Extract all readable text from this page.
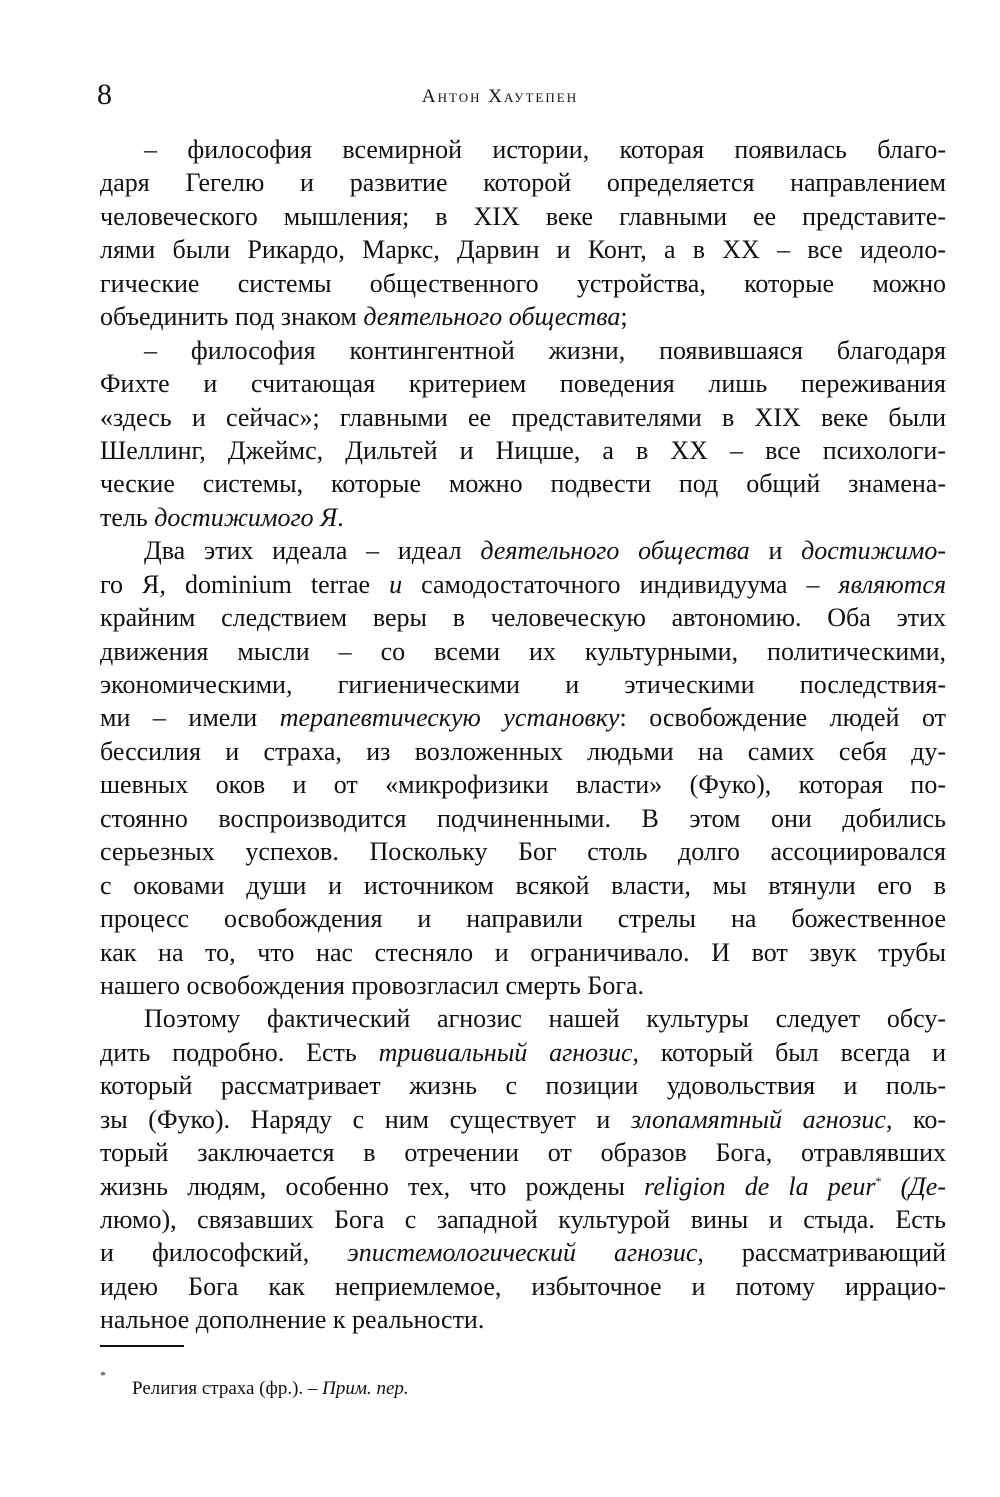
8	Антон Хаутепен
– философия всемирной истории, которая появилась благо-
даря Гегелю и развитие которой определяется направлением
человеческого мышления; в XIX веке главными ее представите-
лями были Рикардо, Маркс, Дарвин и Конт, а в XX – все идеоло-
гические системы общественного устройства, которые можно
объединить под знаком деятельного общества;
– философия контингентной жизни, появившаяся благодаря
Фихте и считающая критерием поведения лишь переживания
«здесь и сейчас»; главными ее представителями в XIX веке были
Шеллинг, Джеймс, Дильтей и Ницше, а в XX – все психологи-
ческие системы, которые можно подвести под общий знамена-
тель достижимого Я.
Два этих идеала – идеал деятельного общества и достижимо-
го Я, dominium terrae и самодостаточного индивидуума – являются
крайним следствием веры в человеческую автономию. Оба этих
движения мысли – со всеми их культурными, политическими,
экономическими, гигиеническими и этическими последствия-
ми – имели терапевтическую установку: освобождение людей от
бессилия и страха, из возложенных людьми на самих себя ду-
шевных оков и от «микрофизики власти» (Фуко), которая по-
стоянно воспроизводится подчиненными. В этом они добились
серьезных успехов. Поскольку Бог столь долго ассоциировался
с оковами души и источником всякой власти, мы втянули его в
процесс освобождения и направили стрелы на божественное
как на то, что нас стесняло и ограничивало. И вот звук трубы
нашего освобождения провозгласил смерть Бога.
Поэтому фактический агнозис нашей культуры следует обсу-
дить подробно. Есть тривиальный агнозис, который был всегда и
который рассматривает жизнь с позиции удовольствия и поль-
зы (Фуко). Наряду с ним существует и злопамятный агнозис, ко-
торый заключается в отречении от образов Бога, отравлявших
жизнь людям, особенно тех, что рождены religion de la peur* (Де-
люмо), связавших Бога с западной культурой вины и стыда. Есть
и философский, эпистемологический агнозис, рассматривающий
идею Бога как неприемлемое, избыточное и потому иррацио-
нальное дополнение к реальности.
*
Религия страха (фр.). – Прим. пер.
